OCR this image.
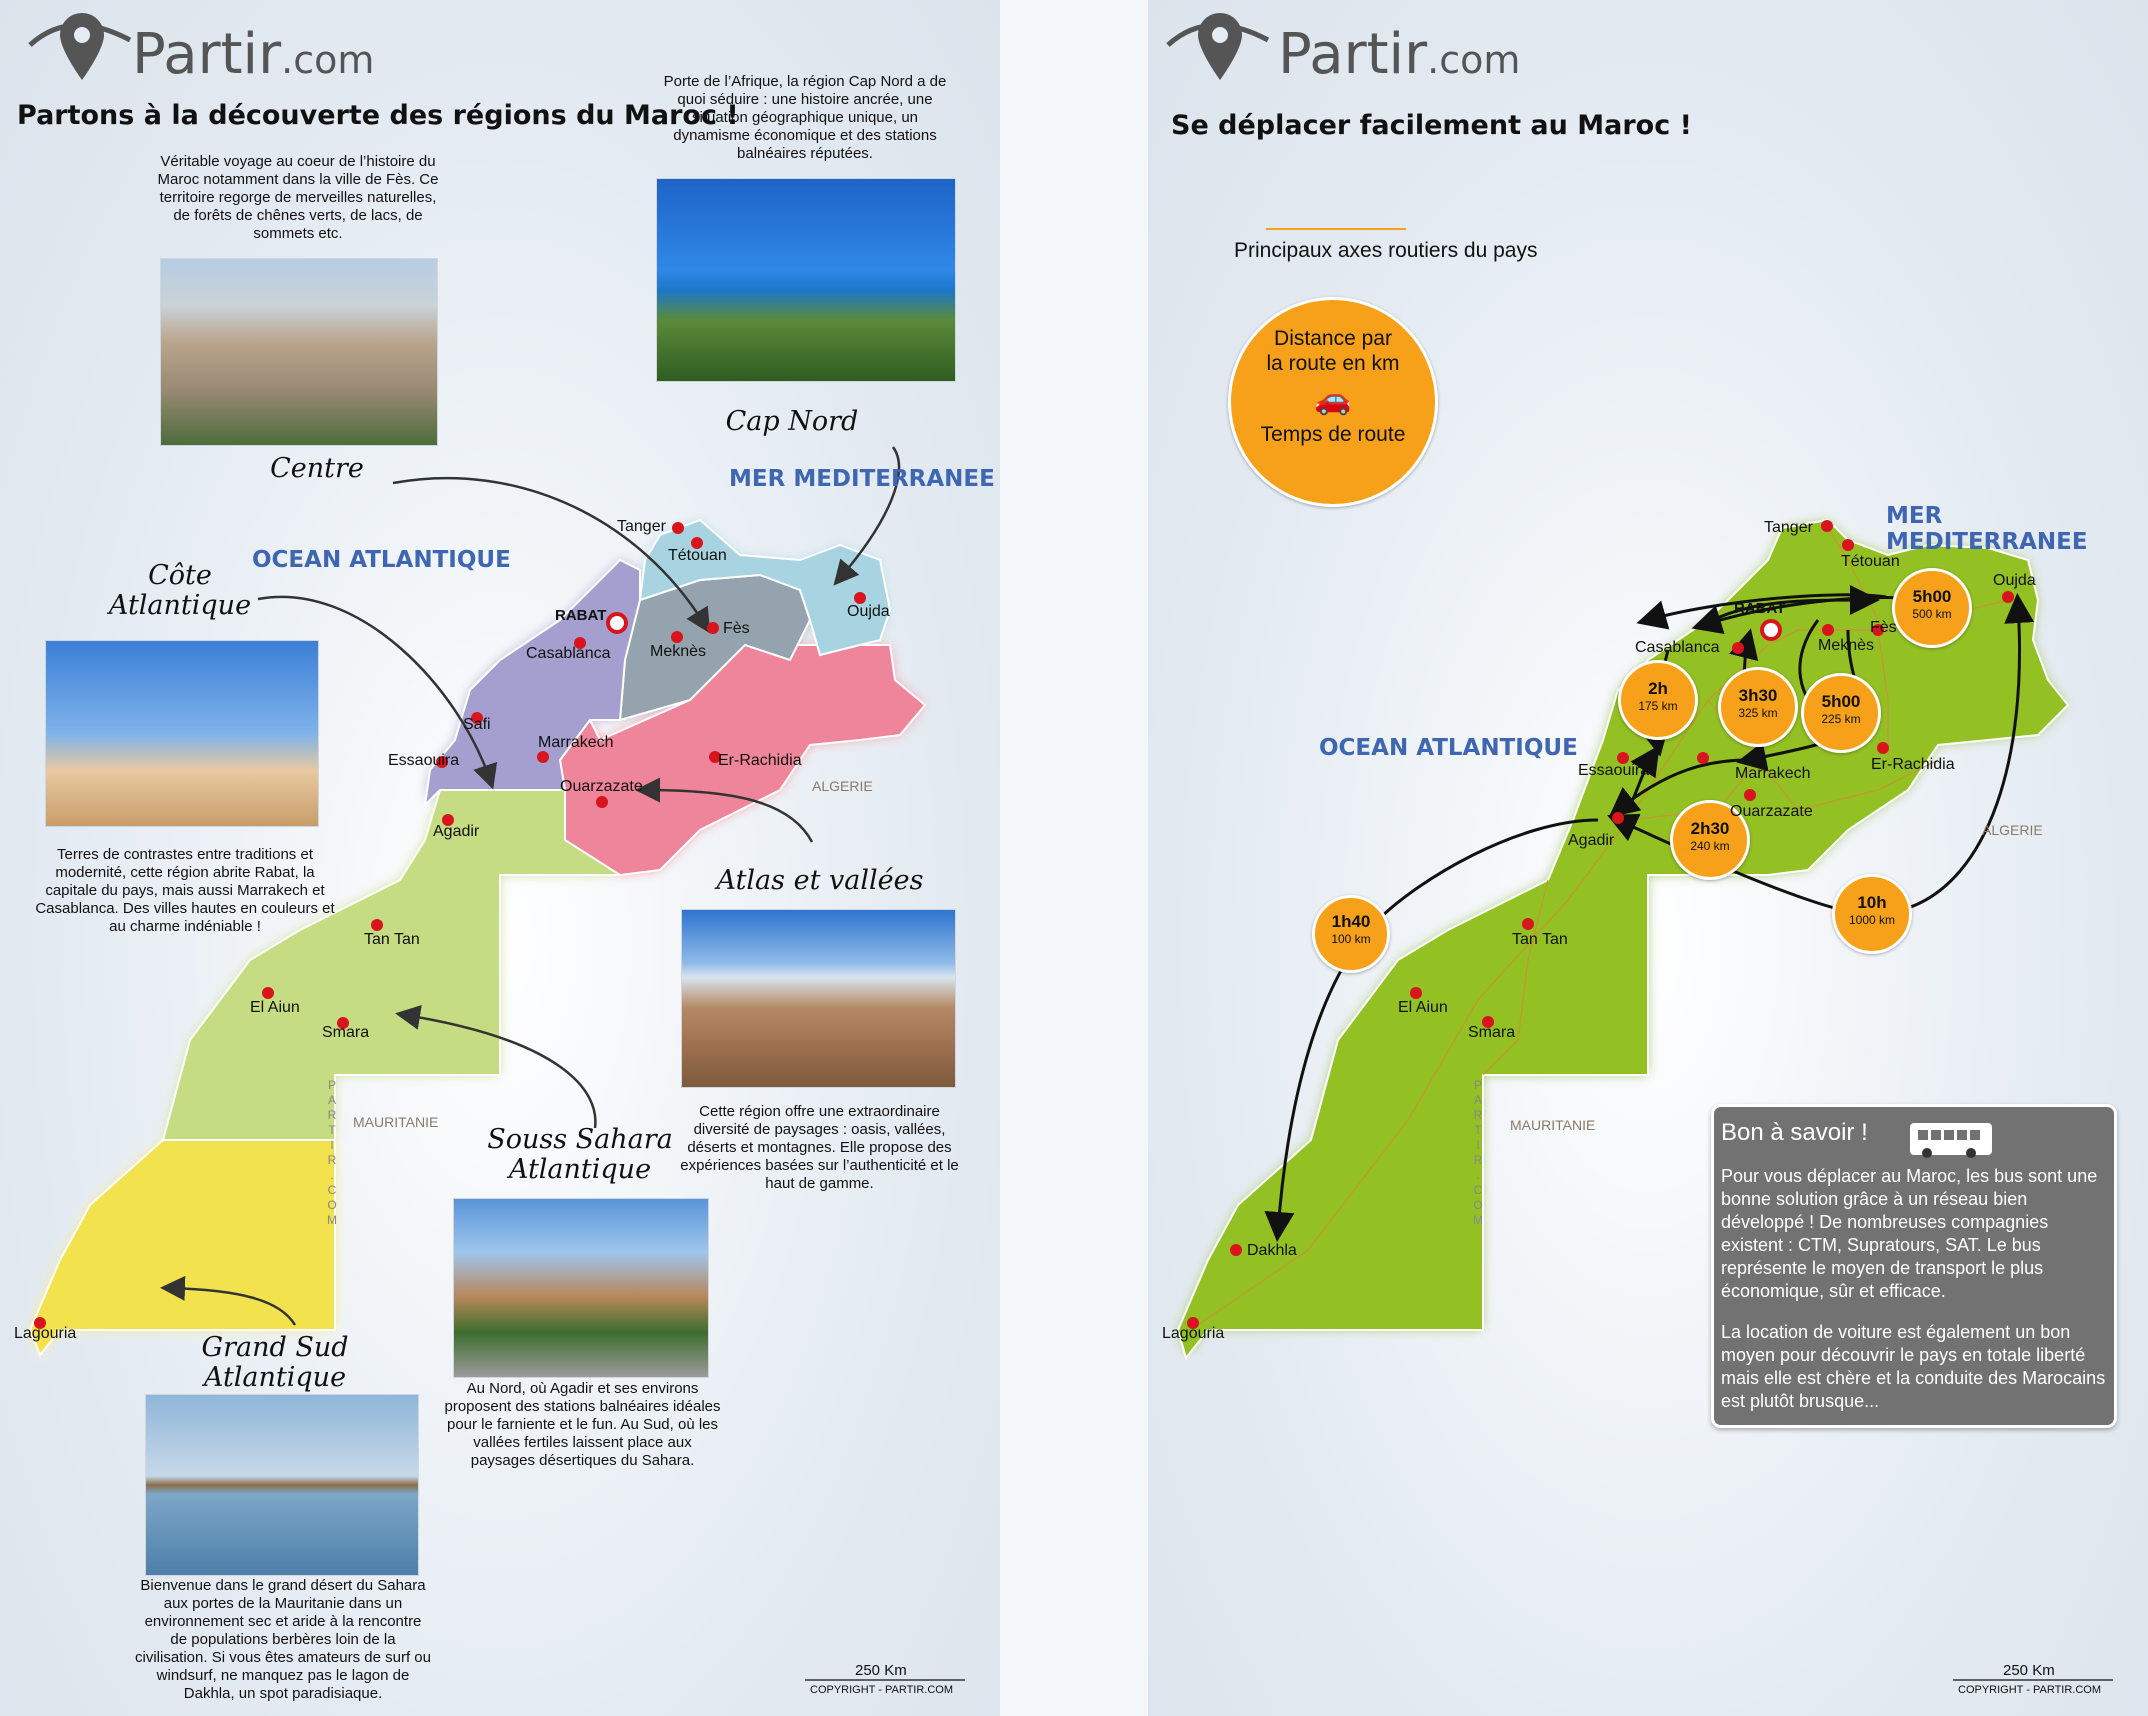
Partir.com
Partons à la découverte des régions du Maroc !
Véritable voyage au coeur de l’histoire du Maroc notamment dans la ville de Fès. Ce territoire regorge de merveilles naturelles, de forêts de chênes verts, de lacs, de sommets etc.
Porte de l’Afrique, la région Cap Nord a de quoi séduire : une histoire ancrée, une situation géographique unique, un dynamisme économique et des stations balnéaires réputées.
Cap Nord
Centre
Côte
Atlantique
Terres de contrastes entre traditions et modernité, cette région abrite Rabat, la capitale du pays, mais aussi Marrakech et Casablanca. Des villes hautes en couleurs et au charme indéniable !
Atlas et vallées
Cette région offre une extraordinaire diversité de paysages : oasis, vallées, déserts et montagnes. Elle propose des expériences basées sur l’authenticité et le haut de gamme.
Souss Sahara
Atlantique
Au Nord, où Agadir et ses environs proposent des stations balnéaires idéales pour le farniente et le fun. Au Sud, où les vallées fertiles laissent place aux paysages désertiques du Sahara.
Grand Sud
Atlantique
Bienvenue dans le grand désert du Sahara aux portes de la Mauritanie dans un environnement sec et aride à la rencontre de populations berbères loin de la civilisation. Si vous êtes amateurs de surf ou windsurf, ne manquez pas le lagon de Dakhla, un spot paradisiaque.
MER MEDITERRANEE
OCEAN ATLANTIQUE
ALGERIE
MAURITANIE
P
A
R
T
I
R
.
C
O
M
Tanger
Tétouan
Oujda
RABAT
Fès
Meknès
Casablanca
Safi
Essaouira
Marrakech
Er-Rachidia
Ouarzazate
Agadir
Tan Tan
El Aiun
Smara
Lagouria
250 Km
COPYRIGHT - PARTIR.COM
Partir.com
Se déplacer facilement au Maroc !
Principaux axes routiers du pays
Distance par
la route en km
🚗
Temps de route
5h00
500 km
2h
175 km
3h30
325 km
5h00
225 km
2h30
240 km
1h40
100 km
10h
1000 km
Bon à savoir !
Pour vous déplacer au Maroc, les bus sont une bonne solution grâce à un réseau bien développé ! De nombreuses compagnies existent : CTM, Supratours, SAT. Le bus représente le moyen de transport le plus économique, sûr et efficace.
La location de voiture est également un bon moyen pour découvrir le pays en totale liberté mais elle est chère et la conduite des Marocains est plutôt brusque...
MER MEDITERRANEE
OCEAN ATLANTIQUE
ALGERIE
MAURITANIE
P
A
R
T
I
R
.
C
O
M
Tanger
Tétouan
Oujda
RABAT
Fès
Meknès
Casablanca
Essaouira	Marrakech
Er-Rachidia
Ouarzazate
Agadir
Tan Tan
El Aiun
Smara
Dakhla
Lagouria
250 Km
COPYRIGHT - PARTIR.COM
